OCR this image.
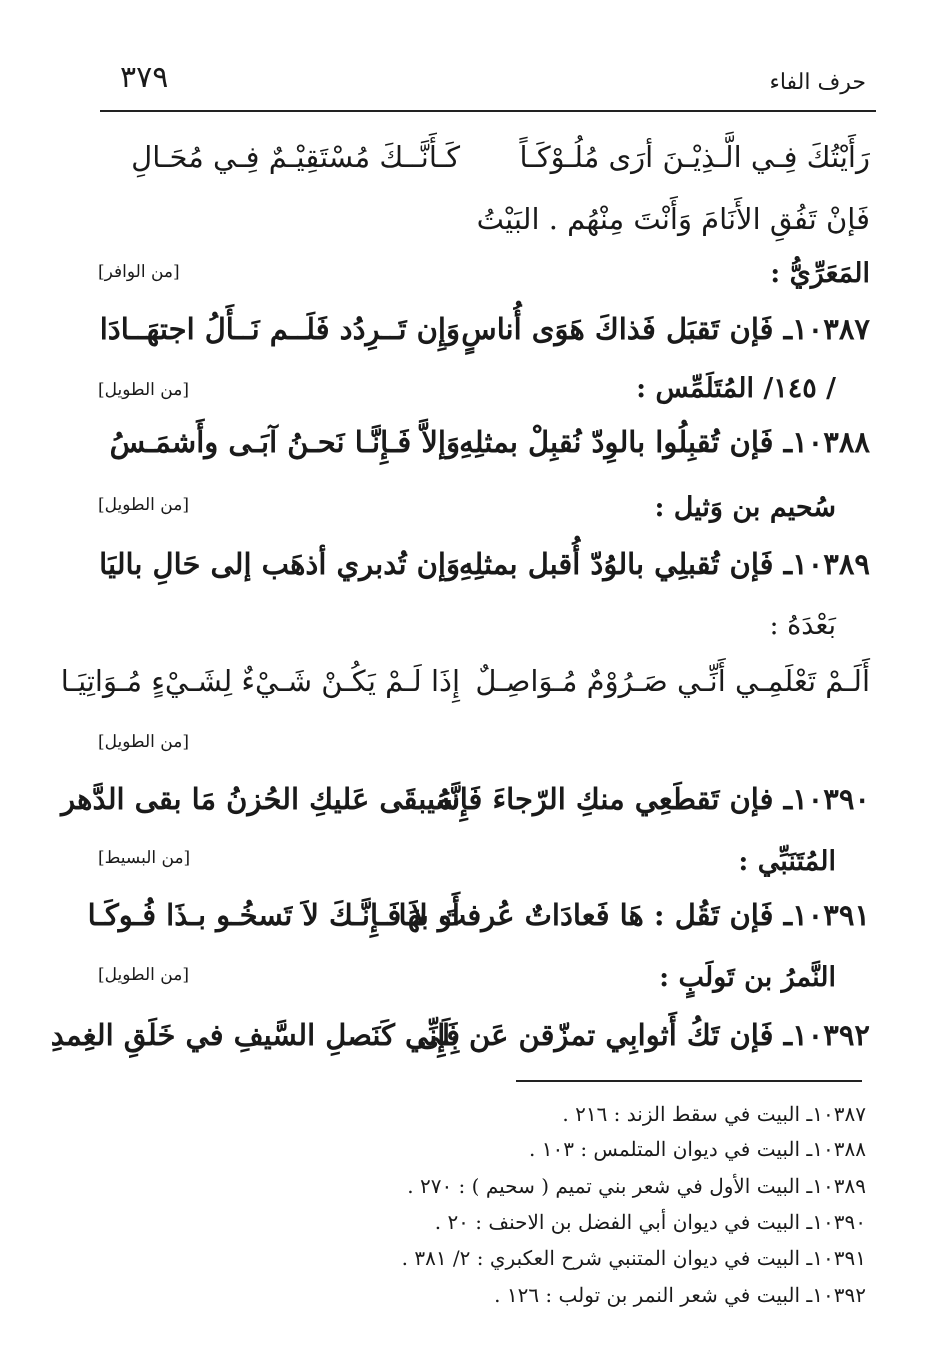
٣٧٩	حرف الفاء
رَأَيْتُكَ فِـي الَّـذِيْـنَ أرَى مُلُـوْكَـاً
كَـأَنَّــكَ مُسْتَقِيْـمٌ فِـي مُحَـالِ
فَإنْ تَفُقِ الأَنَامَ وَأَنْتَ مِنْهُم . البَيْتُ
المَعَرِّيُّ :
[من الوافر]
١٠٣٨٧ـ فَإن تَقبَل فَذاكَ هَوَى أُناسٍ
وَإِن تَــرِدُد فَلَــم نَــأَلُ اجتهَــادَا
/ ١٤٥/ المُتَلَمِّس :
[من الطويل]
١٠٣٨٨ـ فَإن تُقبِلُوا بالوِدّ نُقبِلْ بمثلِهِ
وَإلاَّ فَـإِنَّـا نَحـنُ آبَـى وأَشمَـسُ
سُحيم بن وَثيل :
[من الطويل]
١٠٣٨٩ـ فَإن تُقبلِي بالوُدّ أُقبل بمثلِهِ
وَإن تُدبري أذهَب إلى حَالِ باليَا
بَعْدَهُ :
أَلَـمْ تَعْلَمِـي أَنِّـي صَـرُوْمٌ مُـوَاصِـلٌ
إِذَا لَـمْ يَكُـنْ شَـيْءٌ لِشَـيْءٍ مُـوَاتِيَـا
[من الطويل]
١٠٣٩٠ـ فإن تَقطَعِي منكِ الرّجاءَ فَإِنَّهُ
سَيبقَى عَليكِ الحُزنُ مَا بقى الدَّهر
المُتَنَبِّي :
[من البسيط]
١٠٣٩١ـ فَإن تَقُل : هَا فَعادَاتٌ عُرفتَ بهَا
أَو لاَ فَـإِنَّـكَ لاَ تَسخُـو بـذَا فُـوكَـا
النَّمرُ بن تَولَبٍ :
[من الطويل]
١٠٣٩٢ـ فَإن تَكُ أَثوابِي تمزّقن عَن بِلَى
فَإِنِّي كَنَصلِ السَّيفِ في خَلَقِ الغِمدِ
١٠٣٨٧ـ البيت في سقط الزند : ٢١٦ .
١٠٣٨٨ـ البيت في ديوان المتلمس : ١٠٣ .
١٠٣٨٩ـ البيت الأول في شعر بني تميم ( سحيم ) : ٢٧٠ .
١٠٣٩٠ـ البيت في ديوان أبي الفضل بن الاحنف : ٢٠ .
١٠٣٩١ـ البيت في ديوان المتنبي شرح العكبري : ٢/ ٣٨١ .
١٠٣٩٢ـ البيت في شعر النمر بن تولب : ١٢٦ .
